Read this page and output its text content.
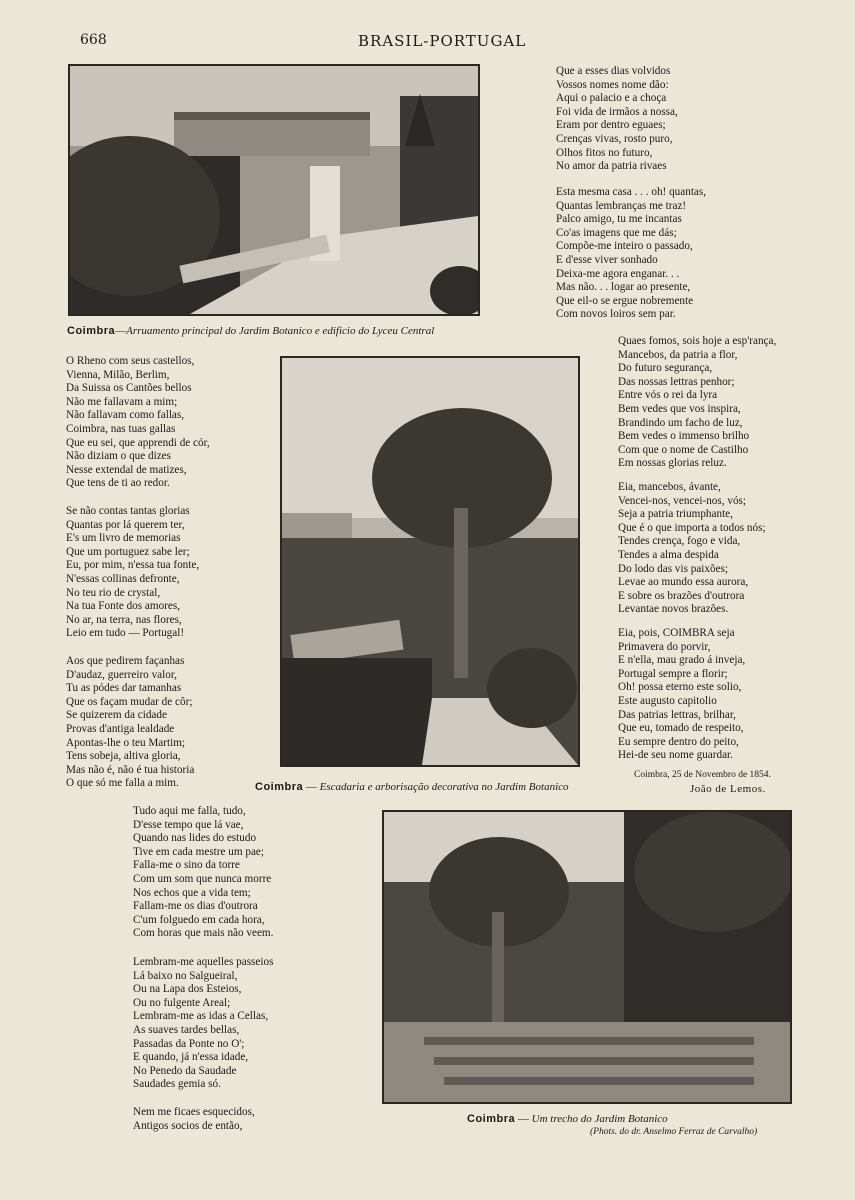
668	BRASIL-PORTUGAL
Coimbra—Arruamento principal do Jardim Botanico e edificio do Lyceu Central
Coimbra — Escadaria e arborisação decorativa no Jardim Botanico
Coimbra — Um trecho do Jardim Botanico
(Phots. do dr. Anselmo Ferraz de Carvalho)
Que a esses dias volvidos
Vossos nomes nome dão:
Aqui o palacio e a choça
Foi vida de irmãos a nossa,
Eram por dentro eguaes;
Crenças vivas, rosto puro,
Olhos fitos no futuro,
No amor da patria rivaes
Esta mesma casa . . . oh! quantas,
Quantas lembranças me traz!
Palco amigo, tu me incantas
Co'as imagens que me dás;
Compõe-me inteiro o passado,
E d'esse viver sonhado
Deixa-me agora enganar. . .
Mas não. . . logar ao presente,
Que eil-o se ergue nobremente
Com novos loiros sem par.
O Rheno com seus castellos,
Vienna, Milão, Berlim,
Da Suissa os Cantões bellos
Não me fallavam a mim;
Não fallavam como fallas,
Coimbra, nas tuas gallas
Que eu sei, que apprendi de cór,
Não diziam o que dizes
Nesse extendal de matizes,
Que tens de ti ao redor.
Se não contas tantas glorias
Quantas por lá querem ter,
E's um livro de memorias
Que um portuguez sabe ler;
Eu, por mim, n'essa tua fonte,
N'essas collinas defronte,
No teu rio de crystal,
Na tua Fonte dos amores,
No ar, na terra, nas flores,
Leio em tudo — Portugal!
Aos que pedirem façanhas
D'audaz, guerreiro valor,
Tu as pódes dar tamanhas
Que os façam mudar de côr;
Se quizerem da cidade
Provas d'antiga lealdade
Apontas-lhe o teu Martim;
Tens sobeja, altiva gloria,
Mas não é, não é tua historia
O que só me falla a mim.
Quaes fomos, sois hoje a esp'rança,
Mancebos, da patria a flor,
Do futuro segurança,
Das nossas lettras penhor;
Entre vós o rei da lyra
Bem vedes que vos inspira,
Brandindo um facho de luz,
Bem vedes o immenso brilho
Com que o nome de Castilho
Em nossas glorias reluz.
Eia, mancebos, ávante,
Vencei-nos, vencei-nos, vós;
Seja a patria triumphante,
Que é o que importa a todos nós;
Tendes crença, fogo e vida,
Tendes a alma despida
Do lodo das vis paixões;
Levae ao mundo essa aurora,
E sobre os brazões d'outrora
Levantae novos brazões.
Eia, pois, COIMBRA seja
Primavera do porvir,
E n'ella, mau grado á inveja,
Portugal sempre a florir;
Oh! possa eterno este solio,
Este augusto capitolio
Das patrias lettras, brilhar,
Que eu, tomado de respeito,
Eu sempre dentro do peito,
Hei-de seu nome guardar.
Coimbra, 25 de Novembro de 1854.
João de Lemos.
Tudo aqui me falla, tudo,
D'esse tempo que lá vae,
Quando nas lides do estudo
Tive em cada mestre um pae;
Falla-me o sino da torre
Com um som que nunca morre
Nos echos que a vida tem;
Fallam-me os dias d'outrora
C'um folguedo em cada hora,
Com horas que mais não veem.
Lembram-me aquelles passeios
Lá baixo no Salgueiral,
Ou na Lapa dos Esteios,
Ou no fulgente Areal;
Lembram-me as idas a Cellas,
As suaves tardes bellas,
Passadas da Ponte no O';
E quando, já n'essa idade,
No Penedo da Saudade
Saudades gemia só.
Nem me ficaes esquecidos,
Antigos socios de então,
